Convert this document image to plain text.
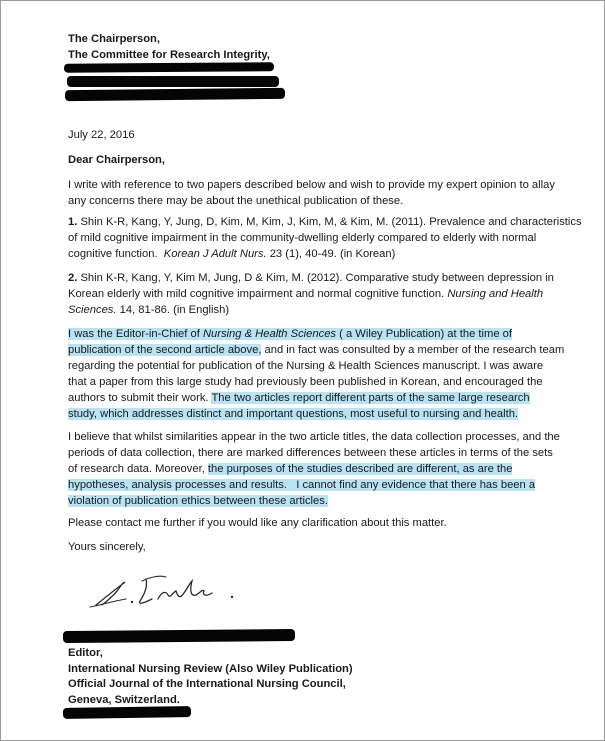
The Chairperson,
The Committee for Research Integrity,
July 22, 2016
Dear Chairperson,
I write with reference to two papers described below and wish to provide my expert opinion to allay
any concerns there may be about the unethical publication of these.
1. Shin K-R, Kang, Y, Jung, D, Kim, M, Kim, J, Kim, M, & Kim, M. (2011). Prevalence and characteristics
of mild cognitive impairment in the community-dwelling elderly compared to elderly with normal
cognitive function. Korean J Adult Nurs. 23 (1), 40-49. (in Korean)
2. Shin K-R, Kang, Y, Kim M, Jung, D & Kim, M. (2012). Comparative study between depression in
Korean elderly with mild cognitive impairment and normal cognitive function. Nursing and Health
Sciences. 14, 81-86. (in English)
I was the Editor-in-Chief of Nursing & Health Sciences ( a Wiley Publication) at the time of
publication of the second article above, and in fact was consulted by a member of the research team
regarding the potential for publication of the Nursing & Health Sciences manuscript. I was aware
that a paper from this large study had previously been published in Korean, and encouraged the
authors to submit their work. The two articles report different parts of the same large research
study, which addresses distinct and important questions, most useful to nursing and health.
I believe that whilst similarities appear in the two article titles, the data collection processes, and the
periods of data collection, there are marked differences between these articles in terms of the sets
of research data. Moreover, the purposes of the studies described are different, as are the
hypotheses, analysis processes and results. I cannot find any evidence that there has been a
violation of publication ethics between these articles.
Please contact me further if you would like any clarification about this matter.
Yours sincerely,
Editor,
International Nursing Review (Also Wiley Publication)
Official Journal of the International Nursing Council,
Geneva, Switzerland.
